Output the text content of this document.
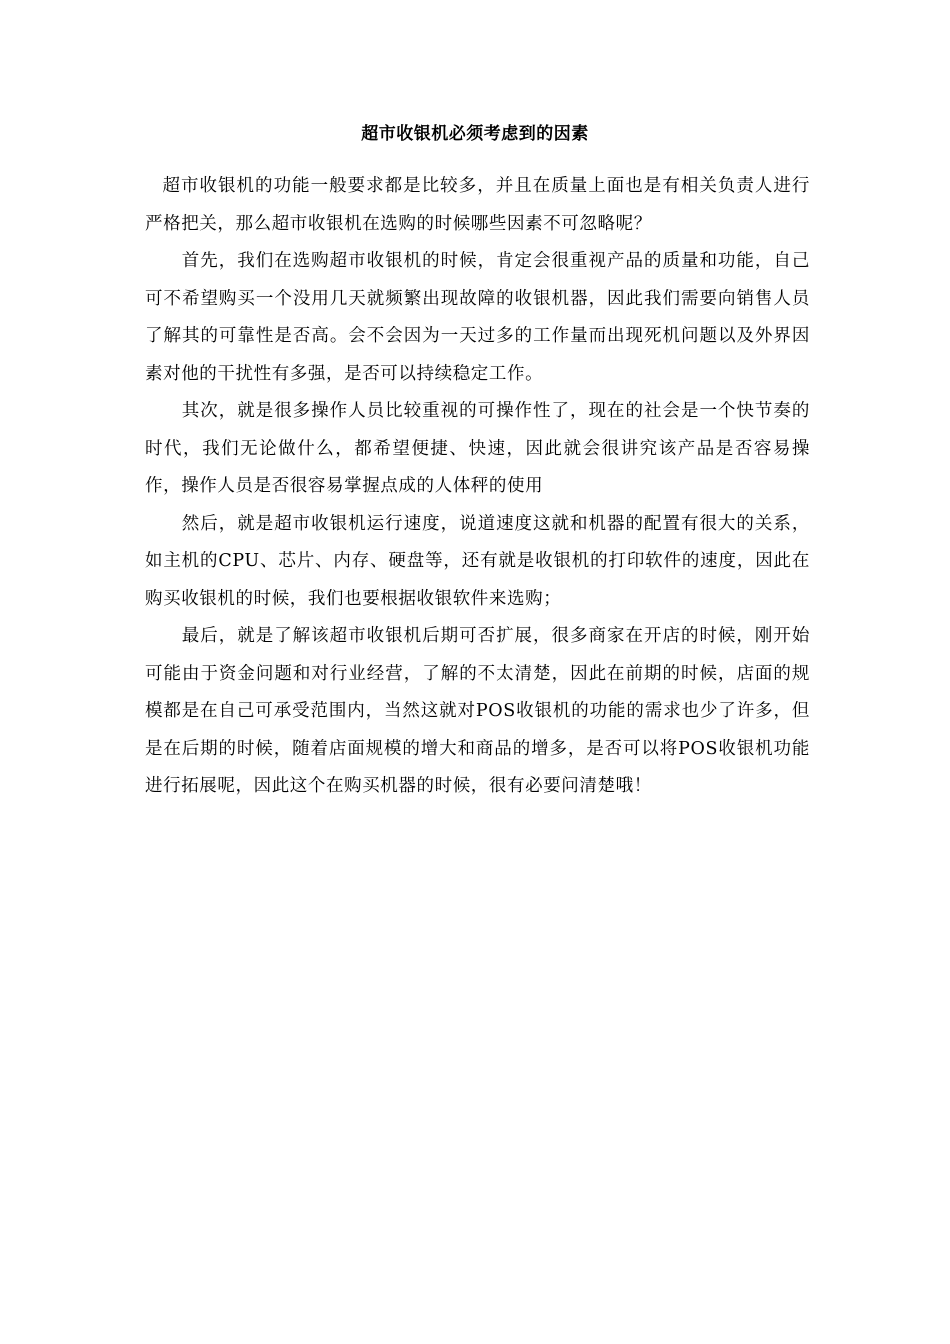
超市收银机必须考虑到的因素

超市收银机的功能一般要求都是比较多，并且在质量上面也是有相关负责人进行严格把关，那么超市收银机在选购的时候哪些因素不可忽略呢？

首先，我们在选购超市收银机的时候，肯定会很重视产品的质量和功能，自己可不希望购买一个没用几天就频繁出现故障的收银机器，因此我们需要向销售人员了解其的可靠性是否高。会不会因为一天过多的工作量而出现死机问题以及外界因素对他的干扰性有多强，是否可以持续稳定工作。

其次，就是很多操作人员比较重视的可操作性了，现在的社会是一个快节奏的时代，我们无论做什么，都希望便捷、快速，因此就会很讲究该产品是否容易操作，操作人员是否很容易掌握点成的人体秤的使用

然后，就是超市收银机运行速度，说道速度这就和机器的配置有很大的关系，如主机的CPU、芯片、内存、硬盘等，还有就是收银机的打印软件的速度，因此在购买收银机的时候，我们也要根据收银软件来选购；

最后，就是了解该超市收银机后期可否扩展，很多商家在开店的时候，刚开始可能由于资金问题和对行业经营，了解的不太清楚，因此在前期的时候，店面的规模都是在自己可承受范围内，当然这就对POS收银机的功能的需求也少了许多，但是在后期的时候，随着店面规模的增大和商品的增多，是否可以将POS收银机功能进行拓展呢，因此这个在购买机器的时候，很有必要问清楚哦！
